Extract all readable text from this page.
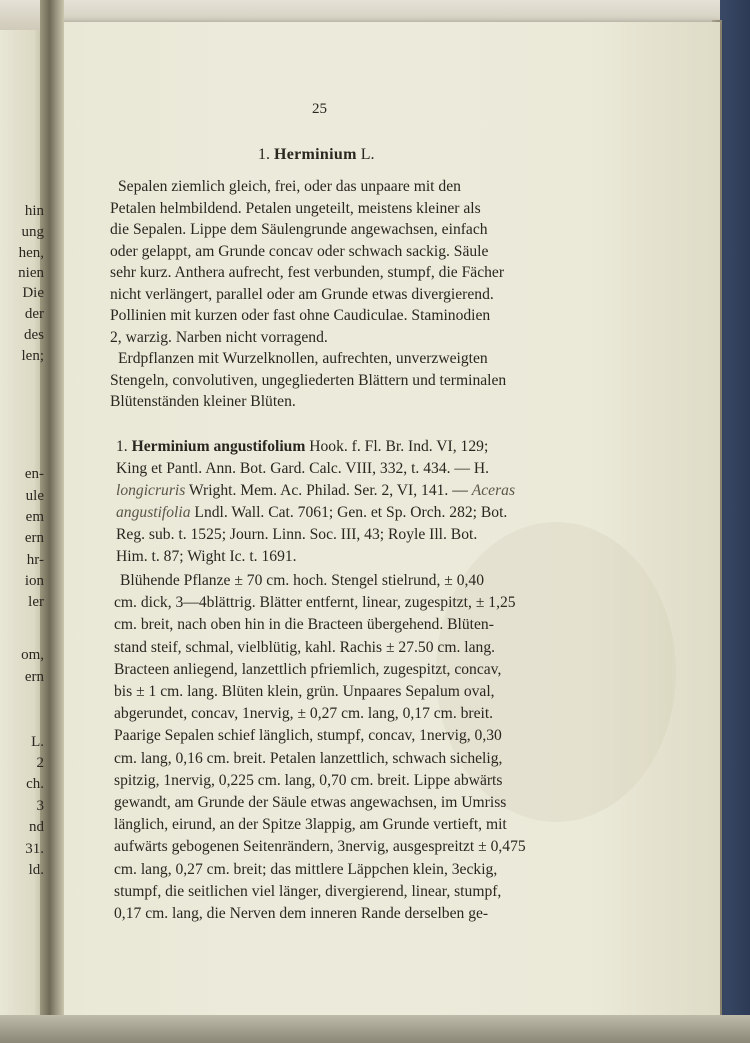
hin
ung
hen,
nien
Die
der
des
len;
en-
ule
em
ern
hr-
ion
ler
om,
ern
L.
2
ch.
3
nd
31.
ld.
25
1. Herminium L.
Sepalen ziemlich gleich, frei, oder das unpaare mit den
Petalen helmbildend. Petalen ungeteilt, meistens kleiner als
die Sepalen. Lippe dem Säulengrunde angewachsen, einfach
oder gelappt, am Grunde concav oder schwach sackig. Säule
sehr kurz. Anthera aufrecht, fest verbunden, stumpf, die Fächer
nicht verlängert, parallel oder am Grunde etwas divergierend.
Pollinien mit kurzen oder fast ohne Caudiculae. Staminodien
2, warzig. Narben nicht vorragend.
Erdpflanzen mit Wurzelknollen, aufrechten, unverzweigten
Stengeln, convolutiven, ungegliederten Blättern und terminalen
Blütenständen kleiner Blüten.
1. Herminium angustifolium Hook. f. Fl. Br. Ind. VI, 129;
King et Pantl. Ann. Bot. Gard. Calc. VIII, 332, t. 434. — H.
longicruris Wright. Mem. Ac. Philad. Ser. 2, VI, 141. — Aceras
angustifolia Lndl. Wall. Cat. 7061; Gen. et Sp. Orch. 282; Bot.
Reg. sub. t. 1525; Journ. Linn. Soc. III, 43; Royle Ill. Bot.
Him. t. 87; Wight Ic. t. 1691.
Blühende Pflanze ± 70 cm. hoch. Stengel stielrund, ± 0,40
cm. dick, 3—4blättrig. Blätter entfernt, linear, zugespitzt, ± 1,25
cm. breit, nach oben hin in die Bracteen übergehend. Blüten-
stand steif, schmal, vielblütig, kahl. Rachis ± 27.50 cm. lang.
Bracteen anliegend, lanzettlich pfriemlich, zugespitzt, concav,
bis ± 1 cm. lang. Blüten klein, grün. Unpaares Sepalum oval,
abgerundet, concav, 1nervig, ± 0,27 cm. lang, 0,17 cm. breit.
Paarige Sepalen schief länglich, stumpf, concav, 1nervig, 0,30
cm. lang, 0,16 cm. breit. Petalen lanzettlich, schwach sichelig,
spitzig, 1nervig, 0,225 cm. lang, 0,70 cm. breit. Lippe abwärts
gewandt, am Grunde der Säule etwas angewachsen, im Umriss
länglich, eirund, an der Spitze 3lappig, am Grunde vertieft, mit
aufwärts gebogenen Seitenrändern, 3nervig, ausgespreitzt ± 0,475
cm. lang, 0,27 cm. breit; das mittlere Läppchen klein, 3eckig,
stumpf, die seitlichen viel länger, divergierend, linear, stumpf,
0,17 cm. lang, die Nerven dem inneren Rande derselben ge-
